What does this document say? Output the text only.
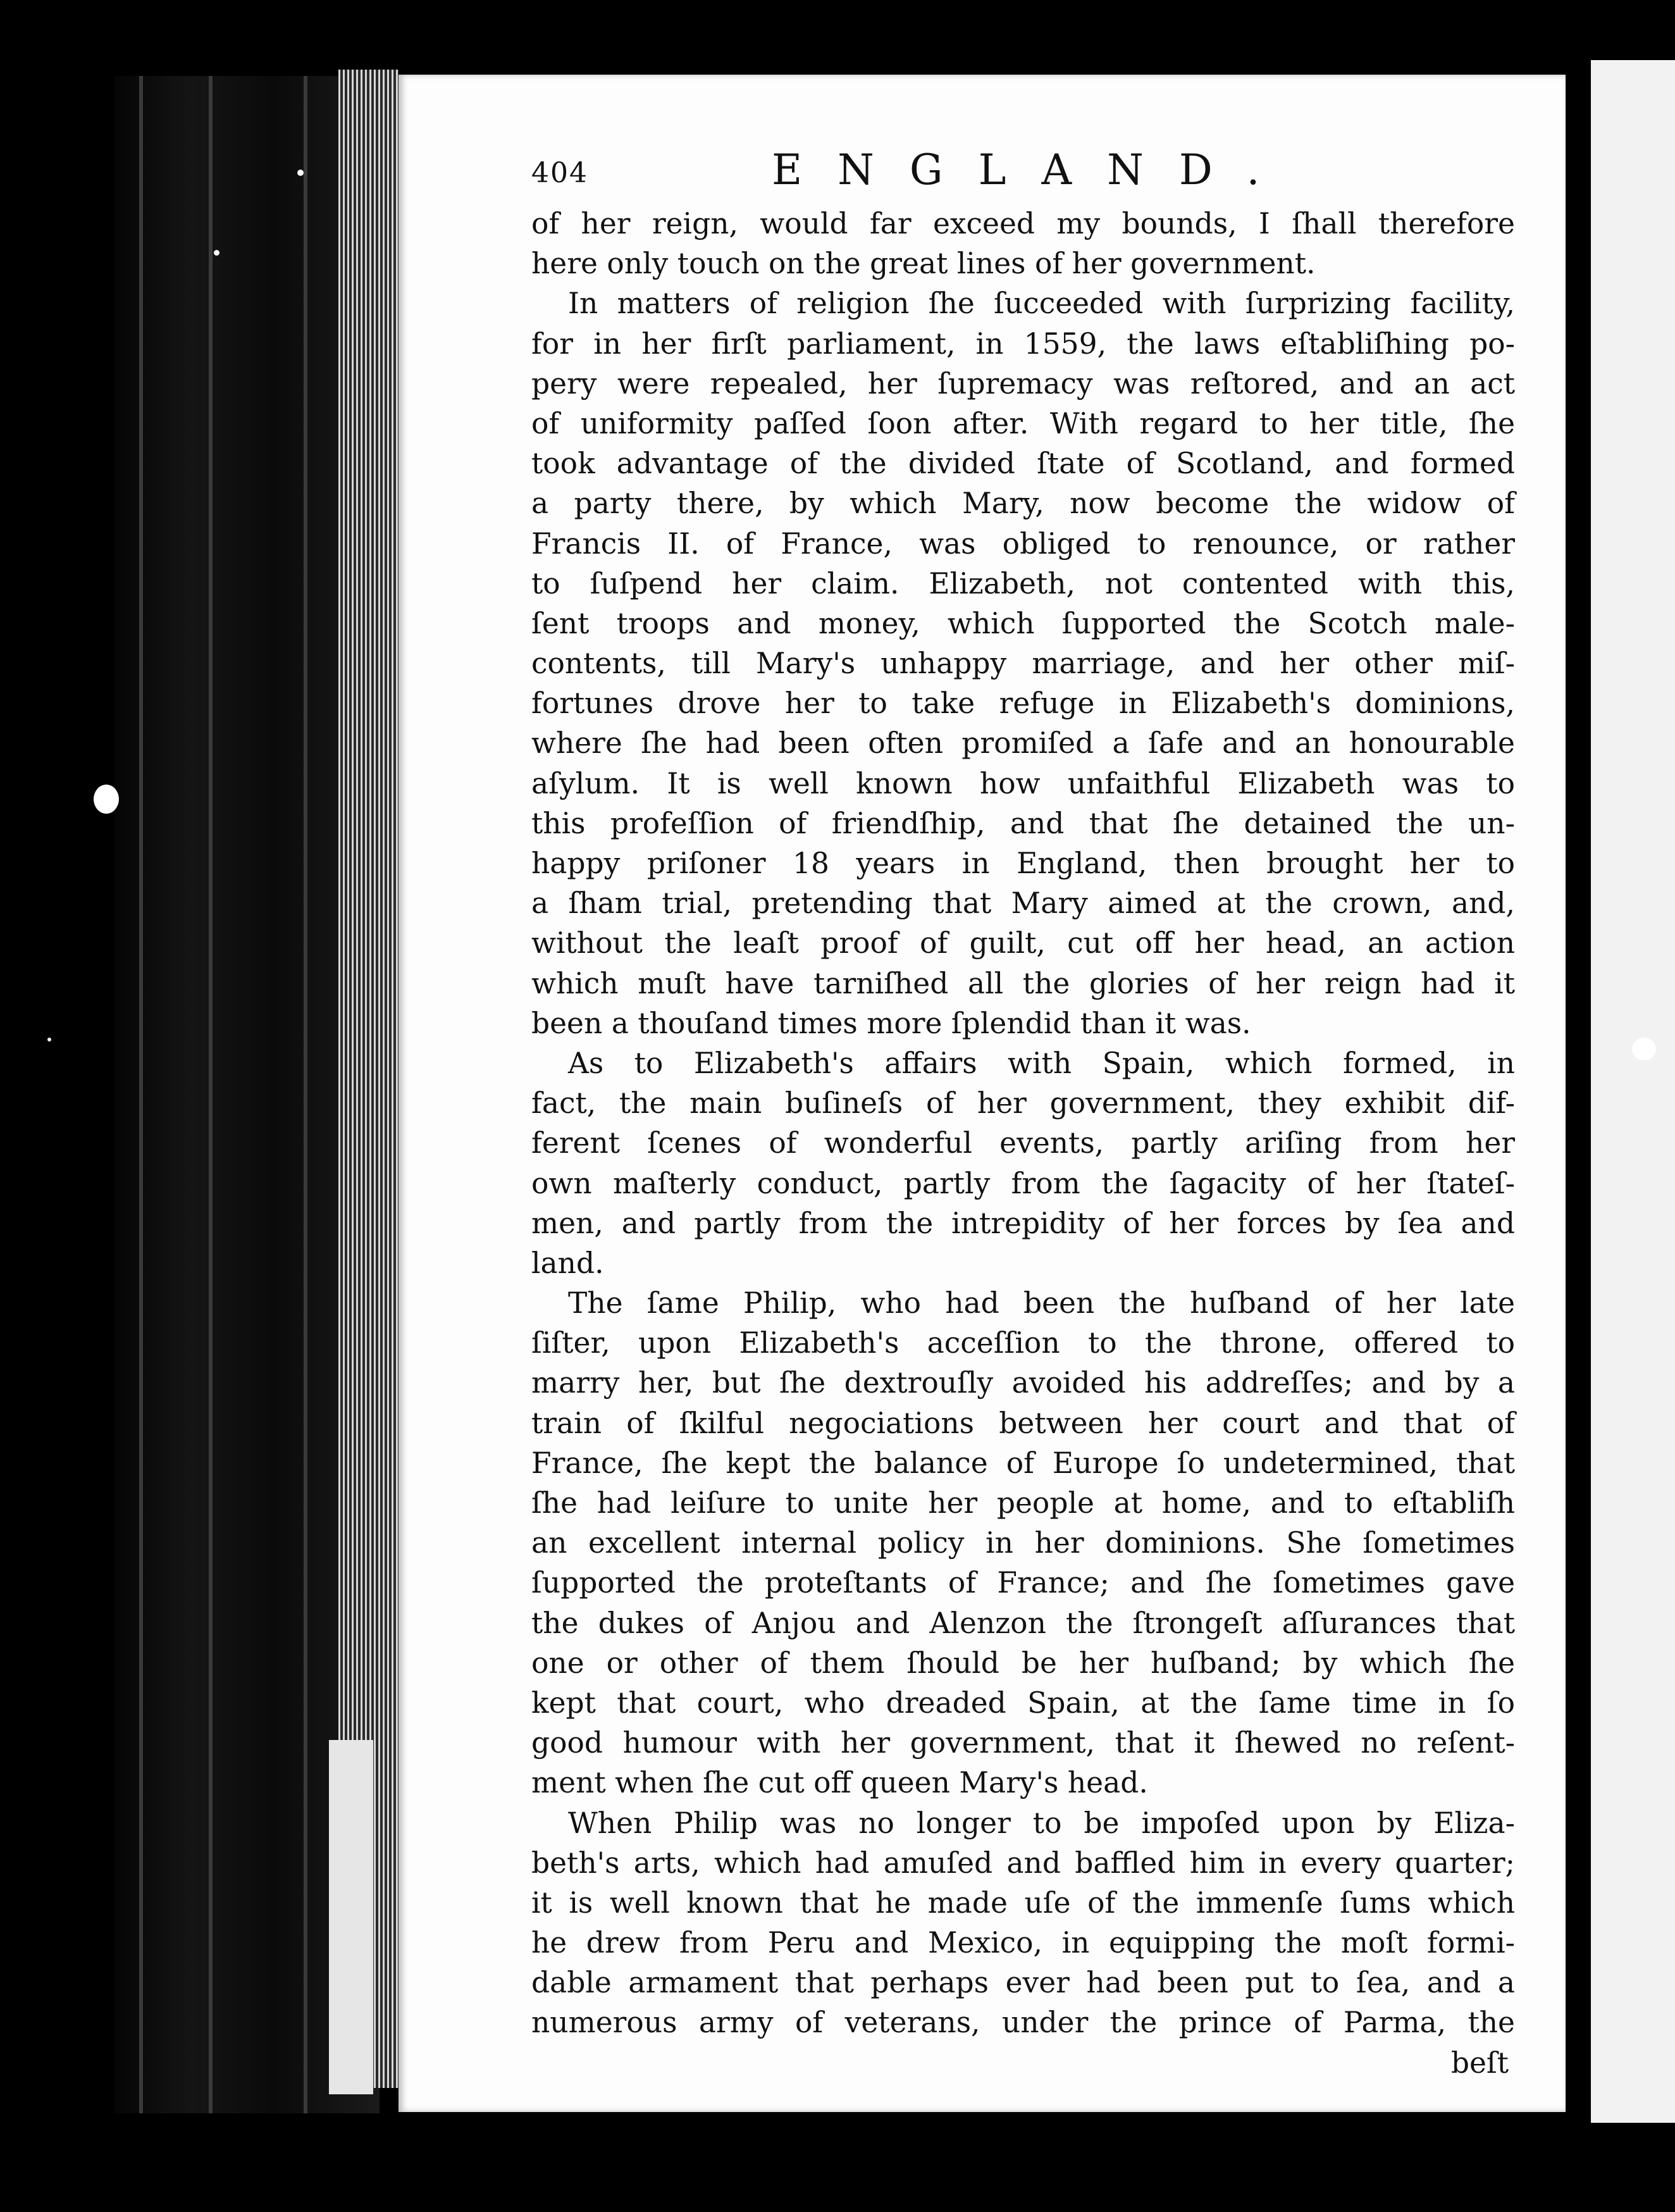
404	ENGLAND.
of her reign, would far exceed my bounds, I ſhall therefore
here only touch on the great lines of her government.
In matters of religion ſhe ſucceeded with ſurprizing facility,
for in her firſt parliament, in 1559, the laws eſtabliſhing po-
pery were repealed, her ſupremacy was reſtored, and an act
of uniformity paſſed ſoon after. With regard to her title, ſhe
took advantage of the divided ſtate of Scotland, and formed
a party there, by which Mary, now become the widow of
Francis II. of France, was obliged to renounce, or rather
to ſuſpend her claim. Elizabeth, not contented with this,
ſent troops and money, which ſupported the Scotch male-
contents, till Mary's unhappy marriage, and her other miſ-
fortunes drove her to take refuge in Elizabeth's dominions,
where ſhe had been often promiſed a ſafe and an honourable
aſylum. It is well known how unfaithful Elizabeth was to
this profeſſion of friendſhip, and that ſhe detained the un-
happy priſoner 18 years in England, then brought her to
a ſham trial, pretending that Mary aimed at the crown, and,
without the leaſt proof of guilt, cut off her head, an action
which muſt have tarniſhed all the glories of her reign had it
been a thouſand times more ſplendid than it was.
As to Elizabeth's affairs with Spain, which formed, in
fact, the main buſineſs of her government, they exhibit dif-
ferent ſcenes of wonderful events, partly ariſing from her
own maſterly conduct, partly from the ſagacity of her ſtateſ-
men, and partly from the intrepidity of her forces by ſea and
land.
The ſame Philip, who had been the huſband of her late
ſiſter, upon Elizabeth's acceſſion to the throne, offered to
marry her, but ſhe dextrouſly avoided his addreſſes; and by a
train of ſkilful negociations between her court and that of
France, ſhe kept the balance of Europe ſo undetermined, that
ſhe had leiſure to unite her people at home, and to eſtabliſh
an excellent internal policy in her dominions. She ſometimes
ſupported the proteſtants of France; and ſhe ſometimes gave
the dukes of Anjou and Alenzon the ſtrongeſt aſſurances that
one or other of them ſhould be her huſband; by which ſhe
kept that court, who dreaded Spain, at the ſame time in ſo
good humour with her government, that it ſhewed no reſent-
ment when ſhe cut off queen Mary's head.
When Philip was no longer to be impoſed upon by Eliza-
beth's arts, which had amuſed and baffled him in every quarter;
it is well known that he made uſe of the immenſe ſums which
he drew from Peru and Mexico, in equipping the moſt formi-
dable armament that perhaps ever had been put to ſea, and a
numerous army of veterans, under the prince of Parma, the
beſt
